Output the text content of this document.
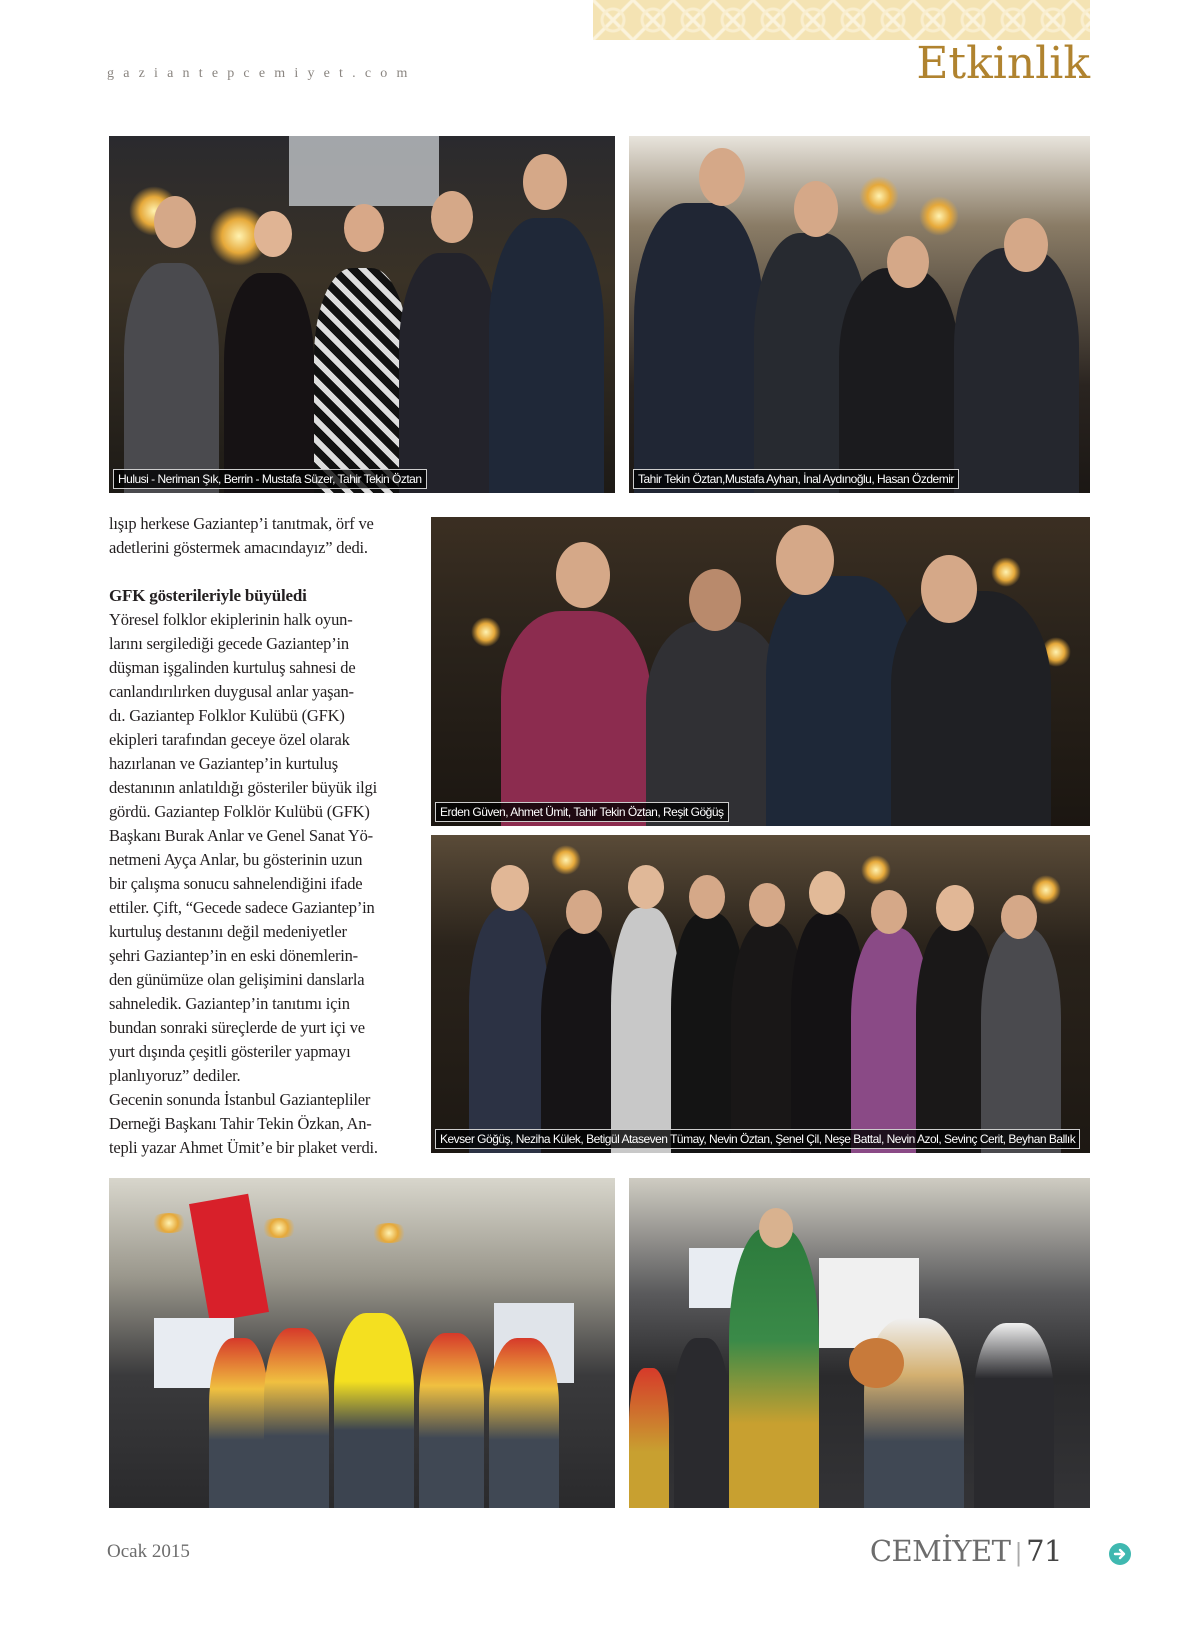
gaziantepcemiyet.com	Etkinlik
Hulusi - Neriman Şık, Berrin - Mustafa Süzer, Tahir Tekin Öztan	Tahir Tekin Öztan,Mustafa Ayhan, İnal Aydınoğlu, Hasan Özdemir
Erden Güven, Ahmet Ümit, Tahir Tekin Öztan, Reşit Göğüş
Kevser Göğüş, Neziha Külek, Betigül Ataseven Tümay, Nevin Öztan, Şenel Çil, Neşe Battal, Nevin Azol, Sevinç Cerit, Beyhan Ballık

lışıp herkese Gaziantep’i tanıtmak, örf ve

adetlerini göstermek amacındayız” dedi.

GFK gösterileriyle büyüledi

Yöresel folklor ekiplerinin halk oyun-

larını sergilediği gecede Gaziantep’in

düşman işgalinden kurtuluş sahnesi de

canlandırılırken duygusal anlar yaşan-

dı. Gaziantep Folklor Kulübü (GFK)

ekipleri tarafından geceye özel olarak

hazırlanan ve Gaziantep’in kurtuluş

destanının anlatıldığı gösteriler büyük ilgi

gördü. Gaziantep Folklör Kulübü (GFK)

Başkanı Burak Anlar ve Genel Sanat Yö-

netmeni Ayça Anlar, bu gösterinin uzun

bir çalışma sonucu sahnelendiğini ifade

ettiler. Çift, “Gecede sadece Gaziantep’in

kurtuluş destanını değil medeniyetler

şehri Gaziantep’in en eski dönemlerin-

den günümüze olan gelişimini danslarla

sahneledik. Gaziantep’in tanıtımı için

bundan sonraki süreçlerde de yurt içi ve

yurt dışında çeşitli gösteriler yapmayı

planlıyoruz” dediler.

Gecenin sonunda İstanbul Gaziantepliler

Derneği Başkanı Tahir Tekin Özkan, An-

tepli yazar Ahmet Ümit’e bir plaket verdi.

Ocak 2015	CEMİYET | 71
